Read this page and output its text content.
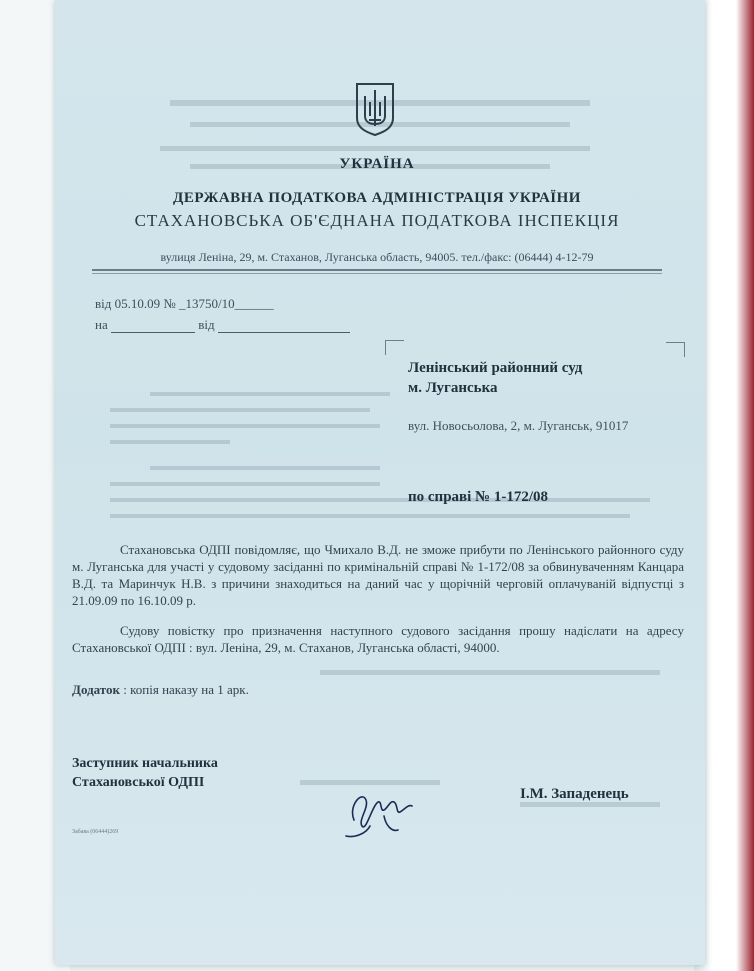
УКРАЇНА
ДЕРЖАВНА ПОДАТКОВА АДМІНІСТРАЦІЯ УКРАЇНИ
СТАХАНОВСЬКА ОБ'ЄДНАНА ПОДАТКОВА ІНСПЕКЦІЯ
вулиця Леніна, 29, м. Стаханов, Луганська область, 94005. тел./факс: (06444) 4-12-79
від 05.10.09 № _13750/10______
на	від
Ленінський районний суд
м. Луганська
вул. Новосьолова, 2, м. Луганськ, 91017
по справі № 1-172/08
Стахановська ОДПІ повідомляє, що Чмихало В.Д. не зможе прибути по Ленінського районного суду м. Луганська для участі у судовому засіданні по кримінальній справі № 1-172/08 за обвинуваченням Канцара В.Д. та Маринчук Н.В. з причини знаходиться на даний час у щорічній черговій оплачуваній відпустці з 21.09.09 по 16.10.09 р.
Судову повістку про призначення наступного судового засідання прошу надіслати на адресу Стахановської ОДПІ : вул. Леніна, 29, м. Стаханов, Луганська області, 94000.
Додаток : копія наказу на 1 арк.
Заступник начальника
Стахановської ОДПІ
І.М. Западенець
Забава (06444)269
